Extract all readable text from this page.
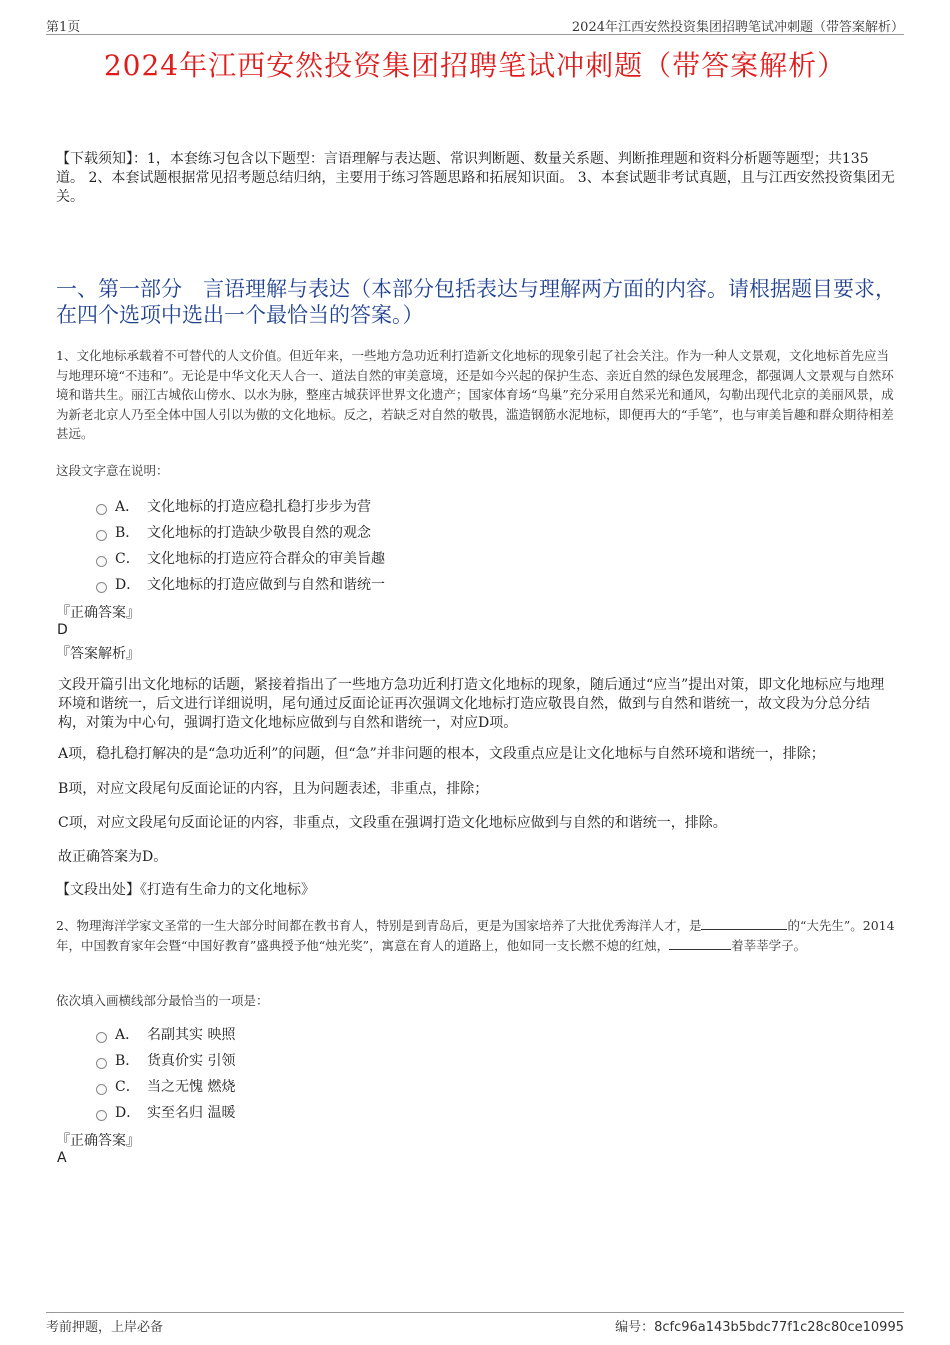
第1页	2024年江西安然投资集团招聘笔试冲刺题（带答案解析）
2024年江西安然投资集团招聘笔试冲刺题（带答案解析）
【下载须知】：1，本套练习包含以下题型：言语理解与表达题、常识判断题、数量关系题、判断推理题和资料分析题等题型；共135道。 2、本套试题根据常见招考题总结归纳，主要用于练习答题思路和拓展知识面。 3、本套试题非考试真题，且与江西安然投资集团无关。
一、第一部分　言语理解与表达（本部分包括表达与理解两方面的内容。请根据题目要求，在四个选项中选出一个最恰当的答案。）
1、文化地标承载着不可替代的人文价值。但近年来，一些地方急功近利打造新文化地标的现象引起了社会关注。作为一种人文景观，文化地标首先应当与地理环境“不违和”。无论是中华文化天人合一、道法自然的审美意境，还是如今兴起的保护生态、亲近自然的绿色发展理念，都强调人文景观与自然环境和谐共生。丽江古城依山傍水、以水为脉，整座古城获评世界文化遗产；国家体育场“鸟巢”充分采用自然采光和通风，勾勒出现代北京的美丽风景，成为新老北京人乃至全体中国人引以为傲的文化地标。反之，若缺乏对自然的敬畏，滥造钢筋水泥地标，即便再大的“手笔”，也与审美旨趣和群众期待相差甚远。
这段文字意在说明：
A． 文化地标的打造应稳扎稳打步步为营
B． 文化地标的打造缺少敬畏自然的观念
C． 文化地标的打造应符合群众的审美旨趣
D． 文化地标的打造应做到与自然和谐统一
『正确答案』
D
『答案解析』
文段开篇引出文化地标的话题，紧接着指出了一些地方急功近利打造文化地标的现象，随后通过“应当”提出对策，即文化地标应与地理环境和谐统一，后文进行详细说明，尾句通过反面论证再次强调文化地标打造应敬畏自然，做到与自然和谐统一，故文段为分总分结构，对策为中心句，强调打造文化地标应做到与自然和谐统一，对应D项。
A项，稳扎稳打解决的是“急功近利”的问题，但“急”并非问题的根本，文段重点应是让文化地标与自然环境和谐统一，排除；
B项，对应文段尾句反面论证的内容，且为问题表述，非重点，排除；
C项，对应文段尾句反面论证的内容，非重点，文段重在强调打造文化地标应做到与自然的和谐统一，排除。
故正确答案为D。
【文段出处】《打造有生命力的文化地标》
2、物理海洋学家文圣常的一生大部分时间都在教书育人，特别是到青岛后，更是为国家培养了大批优秀海洋人才，是	的“大先生”。2014年，中国教育家年会暨“中国好教育”盛典授予他“烛光奖”，寓意在育人的道路上，他如同一支长燃不熄的红烛，	着莘莘学子。
依次填入画横线部分最恰当的一项是：
A． 名副其实 映照
B． 货真价实 引领
C． 当之无愧 燃烧
D． 实至名归 温暖
『正确答案』
A
考前押题，上岸必备	编号：8cfc96a143b5bdc77f1c28c80ce10995
